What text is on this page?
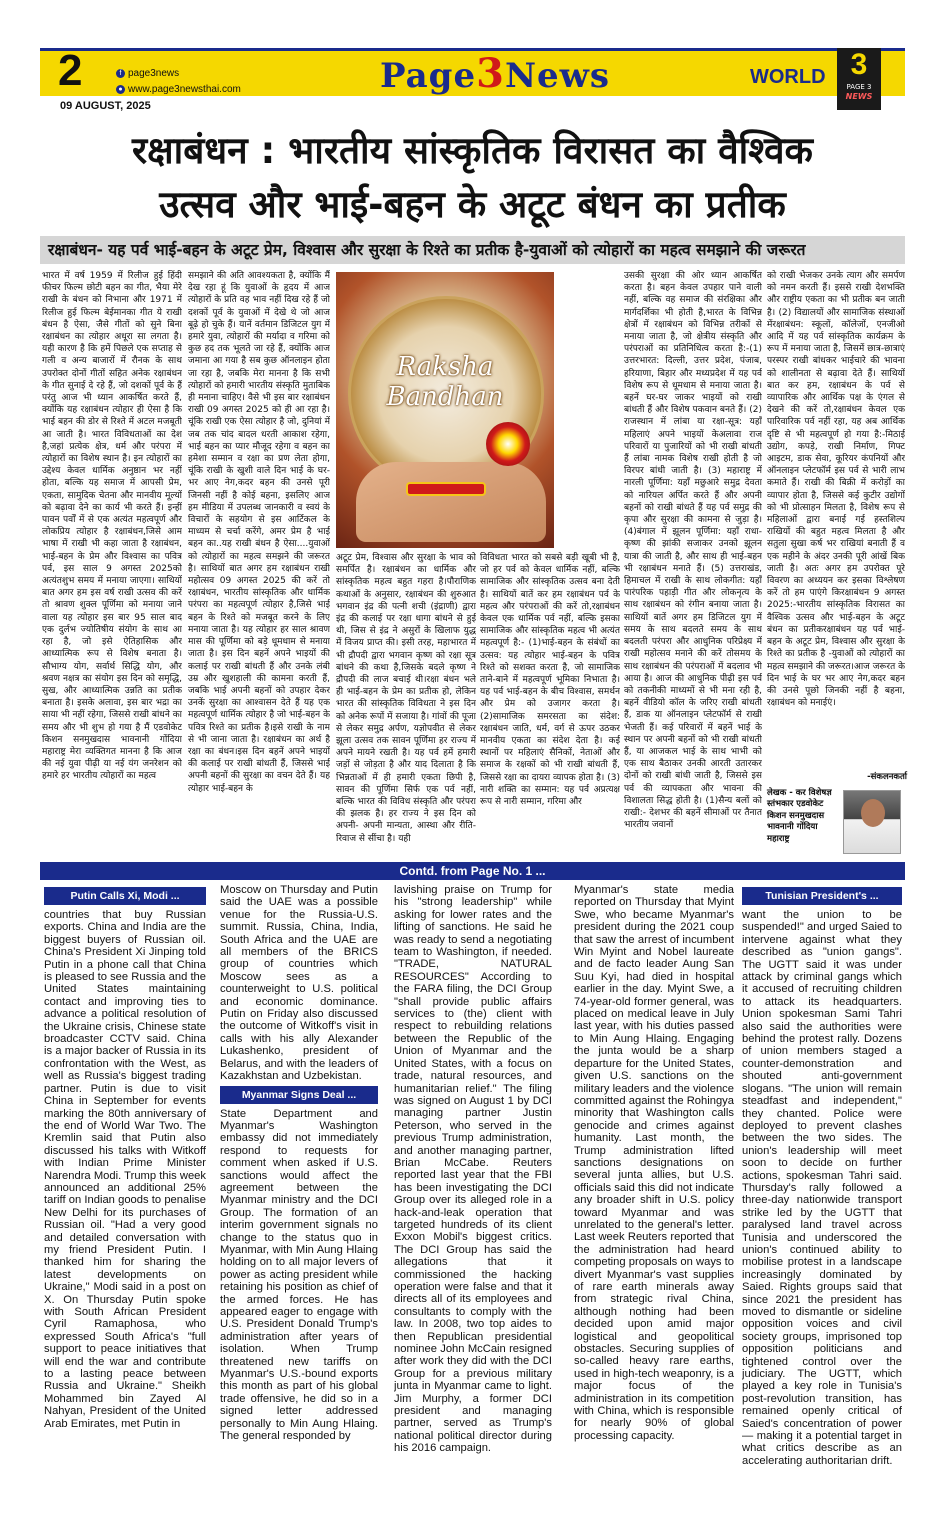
2	f page3news
● www.page3newsthai.com
09 AUGUST, 2025
Page3News	WORLD 3
PAGE 3
NEWS
रक्षाबंधन : भारतीय सांस्कृतिक विरासत का वैश्विक
उत्सव और भाई-बहन के अटूट बंधन का प्रतीक
रक्षाबंधन- यह पर्व भाई-बहन के अटूट प्रेम, विश्वास और सुरक्षा के रिश्ते का प्रतीक है-युवाओं को त्योहारों का महत्व समझाने की जरूरत
भारत में वर्ष 1959 में रिलीज हुई हिंदी फीचर फिल्म छोटी बहन का गीत, भैया मेरे राखी के बंधन को निभाना और 1971 में रिलीज हुई फिल्म बेईमानका गीत ये राखी बंधन है ऐसा, जैसे गीतों को सुने बिना रक्षाबंधन का त्योहार अधूरा सा लगता है। यही कारण है कि हमें पिछले एक सप्ताह से गली व अन्य बाजारों में रौनक के साथ उपरोक्त दोनों गीतों सहित अनेक रक्षाबंधन के गीत सुनाई दे रहे हैं, जो दशकों पूर्व के हैं परंतु आज भी ध्यान आकर्षित करते हैं, क्योंकि यह रक्षाबंधन त्योहार ही ऐसा है कि भाई बहन की डोर से रिश्ते में अटल मजबूती आ जाती है। भारत विविधताओं का देश है,जहां प्रत्येक क्षेत्र, धर्म और परंपरा में त्योहारों का विशेष स्थान है। इन त्योहारों का उद्देश्य केवल धार्मिक अनुष्ठान भर नहीं होता, बल्कि यह समाज में आपसी प्रेम, एकता, सामुदिक चेतना और मानवीय मूल्यों को बढ़ावा देने का कार्य भी करते हैं। इन्हीं पावन पर्वों में से एक अत्यंत महत्वपूर्ण और लोकप्रिय त्योहार है रक्षाबंधन,जिसे आम भाषा में राखी भी कहा जाता है रक्षाबंधन, भाई-बहन के प्रेम और विश्वास का पवित्र पर्व, इस साल 9 अगस्त 2025को अत्यंतशुभ समय में मनाया जाएगा। साथियों बात अगर हम इस वर्ष राखी उत्सव की करें तो श्रावण शुक्ल पूर्णिमा को मनाया जाने वाला यह त्योहार इस बार 95 साल बाद एक दुर्लभ ज्योतिषीय संयोग के साथ आ रहा है, जो इसे ऐतिहासिक और आध्यात्मिक रूप से विशेष बनाता है। सौभाग्य योग, सर्वार्थ सिद्धि योग, और श्रवण नक्षत्र का संयोग इस दिन को समृद्धि, सुख, और आध्यात्मिक उन्नति का प्रतीक बनाता है। इसके अलावा, इस बार भद्रा का साया भी नहीं रहेगा, जिससे राखी बांधने का समय और भी शुभ हो गया है मैं एडवोकेट किशन सनमुखदास भावनानी गोंदिया महाराष्ट्र मेरा व्यक्तिगत मानना है कि आज की नई युवा पीढ़ी या नई यंग जनरेशन को हमारे हर भारतीय त्योहारों का महत्व
समझाने की अति आवश्यकता है, क्योंकि मैं देख रहा हूं कि युवाओं के हृदय में आज त्योहारों के प्रति वह भाव नहीं दिख रहे हैं जो दशकों पूर्व के युवाओं में देखे थे जो आज बूढ़े हो चुके हैं। यानें वर्तमान डिजिटल युग में हमारे युवा, त्योहारों की मर्यादा व गरिमा को कुछ हद तक भूलते जा रहे हैं, क्योंकि आज जमाना आ गया है सब कुछ ऑनलाइन होता जा रहा है, जबकि मेरा मानना है कि सभी त्योहारों को हमारी भारतीय संस्कृति मुताबिक ही मनाना चाहिए। वैसे भी इस बार रक्षाबंधन राखी 09 अगस्त 2025 को ही आ रहा है। चूंकि राखी एक ऐसा त्योहार है जो, दुनियां में जब तक चांद बादल धरती आकाश रहेगा, भाई बहन का प्यार मौजूद रहेगा व बहन का हमेशा सम्मान व रक्षा का प्रण लेता होगा, चूंकि राखी के खुशी वाले दिन भाई के घर-भर आए नेग,कदर बहन की उनसे पूरी जिनसी नहीं है कोई बहना, इसलिए आज हम मीडिया में उपलब्ध जानकारी व स्वयं के विचारों के सहयोग से इस आर्टिकल के माध्यम से चर्चा करेंगे, अमर प्रेम है भाई बहन का..यह राखी बंधन है ऐसा....युवाओं को त्योहारों का महत्व समझने की जरूरत है। साथियों बात अगर हम रक्षाबंधन राखी महोत्सव 09 अगस्त 2025 की करें तो रक्षाबंधन, भारतीय सांस्कृतिक और धार्मिक परंपरा का महत्वपूर्ण त्योहार है,जिसे भाई बहन के रिश्ते को मजबूत करने के लिए मनाया जाता है। यह त्योहार हर साल श्रावण मास की पूर्णिमा को बड़े धूमधाम से मनाया जाता है। इस दिन बहनें अपने भाइयों की कलाई पर राखी बांधती हैं और उनके लंबी उम्र और खुशहाली की कामना करती हैं, जबकि भाई अपनी बहनों को उपहार देकर उनकें सुरक्षा का आश्वासन देते हैं यह एक महत्वपूर्ण धार्मिक त्योहार है जो भाई-बहन के पवित्र रिश्ते का प्रतीक है।इसे राखी के नाम से भी जाना जाता है। रक्षाबंधन का अर्थ है रक्षा का बंधन।इस दिन बहनें अपने भाइयों की कलाई पर राखी बांधती हैं, जिससे भाई अपनी बहनों की सुरक्षा का वचन देते हैं। यह त्योहार भाई-बहन के
Raksha Bandhan
अटूट प्रेम, विश्वास और सुरक्षा के भाव को समर्पित है। रक्षाबंधन का धार्मिक और सांस्कृतिक महत्व बहुत गहरा है।पौराणिक कथाओं के अनुसार, रक्षाबंधन की शुरुआत भगवान इंद्र की पत्नी शची (इंद्राणी) द्वारा इंद्र की कलाई पर रक्षा धागा बांधने से हुई थी, जिस से इंद्र ने असुरों के खिलाफ युद्ध में विजय प्राप्त की। इसी तरह, महाभारत में भी द्रौपदी द्वारा भगवान कृष्ण को रक्षा सूत्र बांधने की कथा है,जिसके बदले कृष्ण ने द्रौपदी की लाज बचाई थी।रक्षा बंधन भले ही भाई-बहन के प्रेम का प्रतीक हो, लेकिन भारत की सांस्कृतिक विविधता ने इस दिन को अनेक रूपों में सजाया है। गांवों की पूजा से लेकर समुद्र अर्पण, यज्ञोपवीत से लेकर झूला उत्सव तक सावन पूर्णिमा हर राज्य में अपने मायने रखती है। यह पर्व हमें हमारी जड़ों से जोड़ता है और याद दिलाता है कि भिन्नताओं में ही हमारी एकता छिपी है, सावन की पूर्णिमा सिर्फ एक पर्व नहीं, बल्कि भारत की विविध संस्कृति और परंपरा की झलक है। हर राज्य ने इस दिन को अपनी- अपनी मान्यता, आस्था और रीति-रिवाज से सींचा है। यही
विविधता भारत को सबसे बड़ी खूबी भी है, जो हर पर्व को केवल धार्मिक नहीं, बल्कि सामाजिक और सांस्कृतिक उत्सव बना देती है। साथियों बातें कर हम रक्षाबंधन पर्व के महत्व और परंपराओं की करें तो,रक्षाबंधन केवल एक धार्मिक पर्व नहीं, बल्कि इसका सामाजिक और सांस्कृतिक महत्व भी अत्यंत महत्वपूर्ण है:- (1)भाई-बहन के संबंधों का उत्सव: यह त्योहार भाई-बहन के पवित्र रिश्ते को सशक्त करता है, जो सामाजिक ताने-बाने में महत्वपूर्ण भूमिका निभाता है। यह पर्व भाई-बहन के बीच विश्वास, समर्थन और प्रेम को उजागर करता है। (2)सामाजिक समरसता का संदेश: रक्षाबंधन जाति, धर्म, वर्ग से ऊपर उठकर मानवीय एकता का संदेश देता है। कई स्थानों पर महिलाएं सैनिकों, नेताओं और समाज के रक्षकों को भी राखी बांधती हैं, जिससे रक्षा का दायरा व्यापक होता है। (3) नारी शक्ति का सम्मान: यह पर्व अप्रत्यक्ष रूप से नारी सम्मान, गरिमा और
उसकी सुरक्षा की ओर ध्यान आकर्षित करता है। बहन केवल उपहार पाने वाली नहीं, बल्कि वह समाज की संरक्षिका और मार्गदर्शिका भी होती है,भारत के विभिन्न क्षेत्रों में रक्षाबंधन को विभिन्न तरीकों से मनाया जाता है, जो क्षेत्रीय संस्कृति और परंपराओं का प्रतिनिधित्व करता है:-(1) उत्तरभारत: दिल्ली, उत्तर प्रदेश, पंजाब, हरियाणा, बिहार और मध्यप्रदेश में यह पर्व विशेष रूप से धूमधाम से मनाया जाता है। बहनें घर-घर जाकर भाइयों को राखी बांधती हैं और विशेष पकवान बनते हैं। (2) राजस्थान में लांबा या रक्षा-सूत्र: यहाँ महिलाएं अपने भाइयों केअलावा राज परिवारों या पुजारियों को भी राखी बांधती हैं लांबा नामक विशेष राखी होती है जो विरपर बांधी जाती है। (3) महाराष्ट्र में नारली पूर्णिमा: यहाँ मछुआरे समुद्र देवता को नारियल अर्पित करते हैं और अपनी बहनों को राखी बांधते हैं यह पर्व समुद्र की कृपा और सुरक्षा की कामना से जुड़ा है। (4)बंगाल में झूलन पूर्णिमा: यहाँ राधा-कृष्ण की झांकी सजाकर उनको झूलन यात्रा की जाती है, और साथ ही भाई-बहन भी रक्षाबंधन मनाते हैं। (5) उत्तराखंड, हिमाचल में राखी के साथ लोकगीत: यहाँ पारंपरिक पहाड़ी गीत और लोकनृत्य के साथ रक्षाबंधन को रंगीन बनाया जाता है। साथियों बातें अगर हम डिजिटल युग में समय के साथ बदलते समय के साथ बदलती परंपरा और आधुनिक परिप्रेक्ष्य में राखी महोत्सव मनाने की करें तोसमय के साथ रक्षाबंधन की परंपराओं में बदलाव भी आया है। आज की आधुनिक पीढ़ी इस पर्व को तकनीकी माध्यमों से भी मना रही है, बहनें वीडियो कॉल के जरिए राखी बांधती हैं, डाक या ऑनलाइन प्लेटफॉर्म से राखी भेजती हैं। कई परिवारों में बहनें भाई के स्थान पर अपनी बहनों को भी राखी बांधती हैं, या आजकल भाई के साथ भाभी को एक साथ बैठाकर उनकी आरती उतारकर दोनों को राखी बांधी जाती है, जिससे इस पर्व की व्यापकता और भावना की विशालता सिद्ध होती है। (1)सैन्य बलों को राखी:- देशभर की बहनें सीमाओं पर तैनात भारतीय जवानों
को राखी भेजकर उनके त्याग और समर्पण को नमन करती हैं। इससे राखी देशभक्ति और राष्ट्रीय एकता का भी प्रतीक बन जाती है। (2) विद्यालयों और सामाजिक संस्थाओं मेंरक्षाबंधन: स्कूलों, कॉलेजों, एनजीओ आदि में यह पर्व सांस्कृतिक कार्यक्रम के रूप में मनाया जाता है, जिसमें छात्र-छात्राएं परस्पर राखी बांधकर भाईचारे की भावना को शालीनता से बढ़ावा देते हैं। साथियों बात कर हम, रक्षाबंधन के पर्व से व्यापारिक और आर्थिक पक्ष के एंगल से देखने की करें तो,रक्षाबंधन केवल एक पारिवारिक पर्व नहीं रहा, यह अब आर्थिक दृष्टि से भी महत्वपूर्ण हो गया है:-मिठाई उद्योग, कपड़े, राखी निर्माण, गिफ्ट आइटम, डाक सेवा, कूरियर कंपनियों और ऑनलाइन प्लेटफॉर्म इस पर्व से भारी लाभ कमाते हैं। राखी की बिक्री में करोड़ों का व्यापार होता है, जिससे कई कुटीर उद्योगों को भी प्रोत्साहन मिलता है, विशेष रूप से महिलाओं द्वारा बनाई गई हस्तशिल्प राखियों की बहुत महत्व मिलता है और सतुला सुखा कर्ष भर राखियां बनाती हैं व एक महीने के अंदर उनकी पूरी आंखें बिक जाती है। अतः अगर हम उपरोक्त पूरे विवरण का अध्ययन कर इसका विश्लेषण करें तो हम पाएंगे किरक्षाबंधन 9 अगस्त 2025:-भारतीय सांस्कृतिक विरासत का वैश्विक उत्सव और भाई-बहन के अटूट बंधन का प्रतीकरक्षाबंधन यह पर्व भाई-बहन के अटूट प्रेम, विश्वास और सुरक्षा के रिश्ते का प्रतीक है -युवाओं को त्योहारों का महत्व समझाने की जरूरत।आज जरूरत के दिन भाई के घर भर आए नेग,कदर बहन की उनसे पूछो जिनकी नहीं है बहना, रक्षाबंधन को मनाईएं।
-संकलनकर्ता
लेखक - कर विशेषज्ञ
स्तंभकार एडवोकेट
किशन सनमुखदास
भावनानी गोंदिया
महाराष्ट्र
Contd. from Page No. 1 ...
Putin Calls Xi, Modi ...

countries that buy Russian exports. China and India are the biggest buyers of Russian oil. China's President Xi Jinping told Putin in a phone call that China is pleased to see Russia and the United States maintaining contact and improving ties to advance a political resolution of the Ukraine crisis, Chinese state broadcaster CCTV said. China is a major backer of Russia in its confrontation with the West, as well as Russia's biggest trading partner. Putin is due to visit China in September for events marking the 80th anniversary of the end of World War Two. The Kremlin said that Putin also discussed his talks with Witkoff with Indian Prime Minister Narendra Modi. Trump this week announced an additional 25% tariff on Indian goods to penalise New Delhi for its purchases of Russian oil. "Had a very good and detailed conversation with my friend President Putin. I thanked him for sharing the latest developments on Ukraine," Modi said in a post on X. On Thursday Putin spoke with South African President Cyril Ramaphosa, who expressed South Africa's "full support to peace initiatives that will end the war and contribute to a lasting peace between Russia and Ukraine." Sheikh Mohammed bin Zayed Al Nahyan, President of the United Arab Emirates, met Putin in

Moscow on Thursday and Putin said the UAE was a possible venue for the Russia-U.S. summit. Russia, China, India, South Africa and the UAE are all members of the BRICS group of countries which Moscow sees as a counterweight to U.S. political and economic dominance. Putin on Friday also discussed the outcome of Witkoff's visit in calls with his ally Alexander Lukashenko, president of Belarus, and with the leaders of Kazakhstan and Uzbekistan.

Myanmar Signs Deal ...

State Department and Myanmar's Washington embassy did not immediately respond to requests for comment when asked if U.S. sanctions would affect the agreement between the Myanmar ministry and the DCI Group. The formation of an interim government signals no change to the status quo in Myanmar, with Min Aung Hlaing holding on to all major levers of power as acting president while retaining his position as chief of the armed forces. He has appeared eager to engage with U.S. President Donald Trump's administration after years of isolation. When Trump threatened new tariffs on Myanmar's U.S.-bound exports this month as part of his global trade offensive, he did so in a signed letter addressed personally to Min Aung Hlaing. The general responded by

lavishing praise on Trump for his "strong leadership" while asking for lower rates and the lifting of sanctions. He said he was ready to send a negotiating team to Washington, if needed. "TRADE, NATURAL RESOURCES" According to the FARA filing, the DCI Group "shall provide public affairs services to (the) client with respect to rebuilding relations between the Republic of the Union of Myanmar and the United States, with a focus on trade, natural resources, and humanitarian relief." The filing was signed on August 1 by DCI managing partner Justin Peterson, who served in the previous Trump administration, and another managing partner, Brian McCabe. Reuters reported last year that the FBI has been investigating the DCI Group over its alleged role in a hack-and-leak operation that targeted hundreds of its client Exxon Mobil's biggest critics. The DCI Group has said the allegations that it commissioned the hacking operation were false and that it directs all of its employees and consultants to comply with the law. In 2008, two top aides to then Republican presidential nominee John McCain resigned after work they did with the DCI Group for a previous military junta in Myanmar came to light. Jim Murphy, a former DCI president and managing partner, served as Trump's national political director during his 2016 campaign.

Myanmar's state media reported on Thursday that Myint Swe, who became Myanmar's president during the 2021 coup that saw the arrest of incumbent Win Myint and Nobel laureate and de facto leader Aung San Suu Kyi, had died in hospital earlier in the day. Myint Swe, a 74-year-old former general, was placed on medical leave in July last year, with his duties passed to Min Aung Hlaing. Engaging the junta would be a sharp departure for the United States, given U.S. sanctions on the military leaders and the violence committed against the Rohingya minority that Washington calls genocide and crimes against humanity. Last month, the Trump administration lifted sanctions designations on several junta allies, but U.S. officials said this did not indicate any broader shift in U.S. policy toward Myanmar and was unrelated to the general's letter. Last week Reuters reported that the administration had heard competing proposals on ways to divert Myanmar's vast supplies of rare earth minerals away from strategic rival China, although nothing had been decided upon amid major logistical and geopolitical obstacles. Securing supplies of so-called heavy rare earths, used in high-tech weaponry, is a major focus of the administration in its competition with China, which is responsible for nearly 90% of global processing capacity.

Tunisian President's ...

want the union to be suspended!" and urged Saied to intervene against what they described as "union gangs". The UGTT said it was under attack by criminal gangs which it accused of recruiting children to attack its headquarters. Union spokesman Sami Tahri also said the authorities were behind the protest rally. Dozens of union members staged a counter-demonstration and shouted anti-government slogans. "The union will remain steadfast and independent," they chanted. Police were deployed to prevent clashes between the two sides. The union's leadership will meet soon to decide on further actions, spokesman Tahri said. Thursday's rally followed a three-day nationwide transport strike led by the UGTT that paralysed land travel across Tunisia and underscored the union's continued ability to mobilise protest in a landscape increasingly dominated by Saied. Rights groups said that since 2021 the president has moved to dismantle or sideline opposition voices and civil society groups, imprisoned top opposition politicians and tightened control over the judiciary. The UGTT, which played a key role in Tunisia's post-revolution transition, has remained openly critical of Saied's concentration of power — making it a potential target in what critics describe as an accelerating authoritarian drift.
